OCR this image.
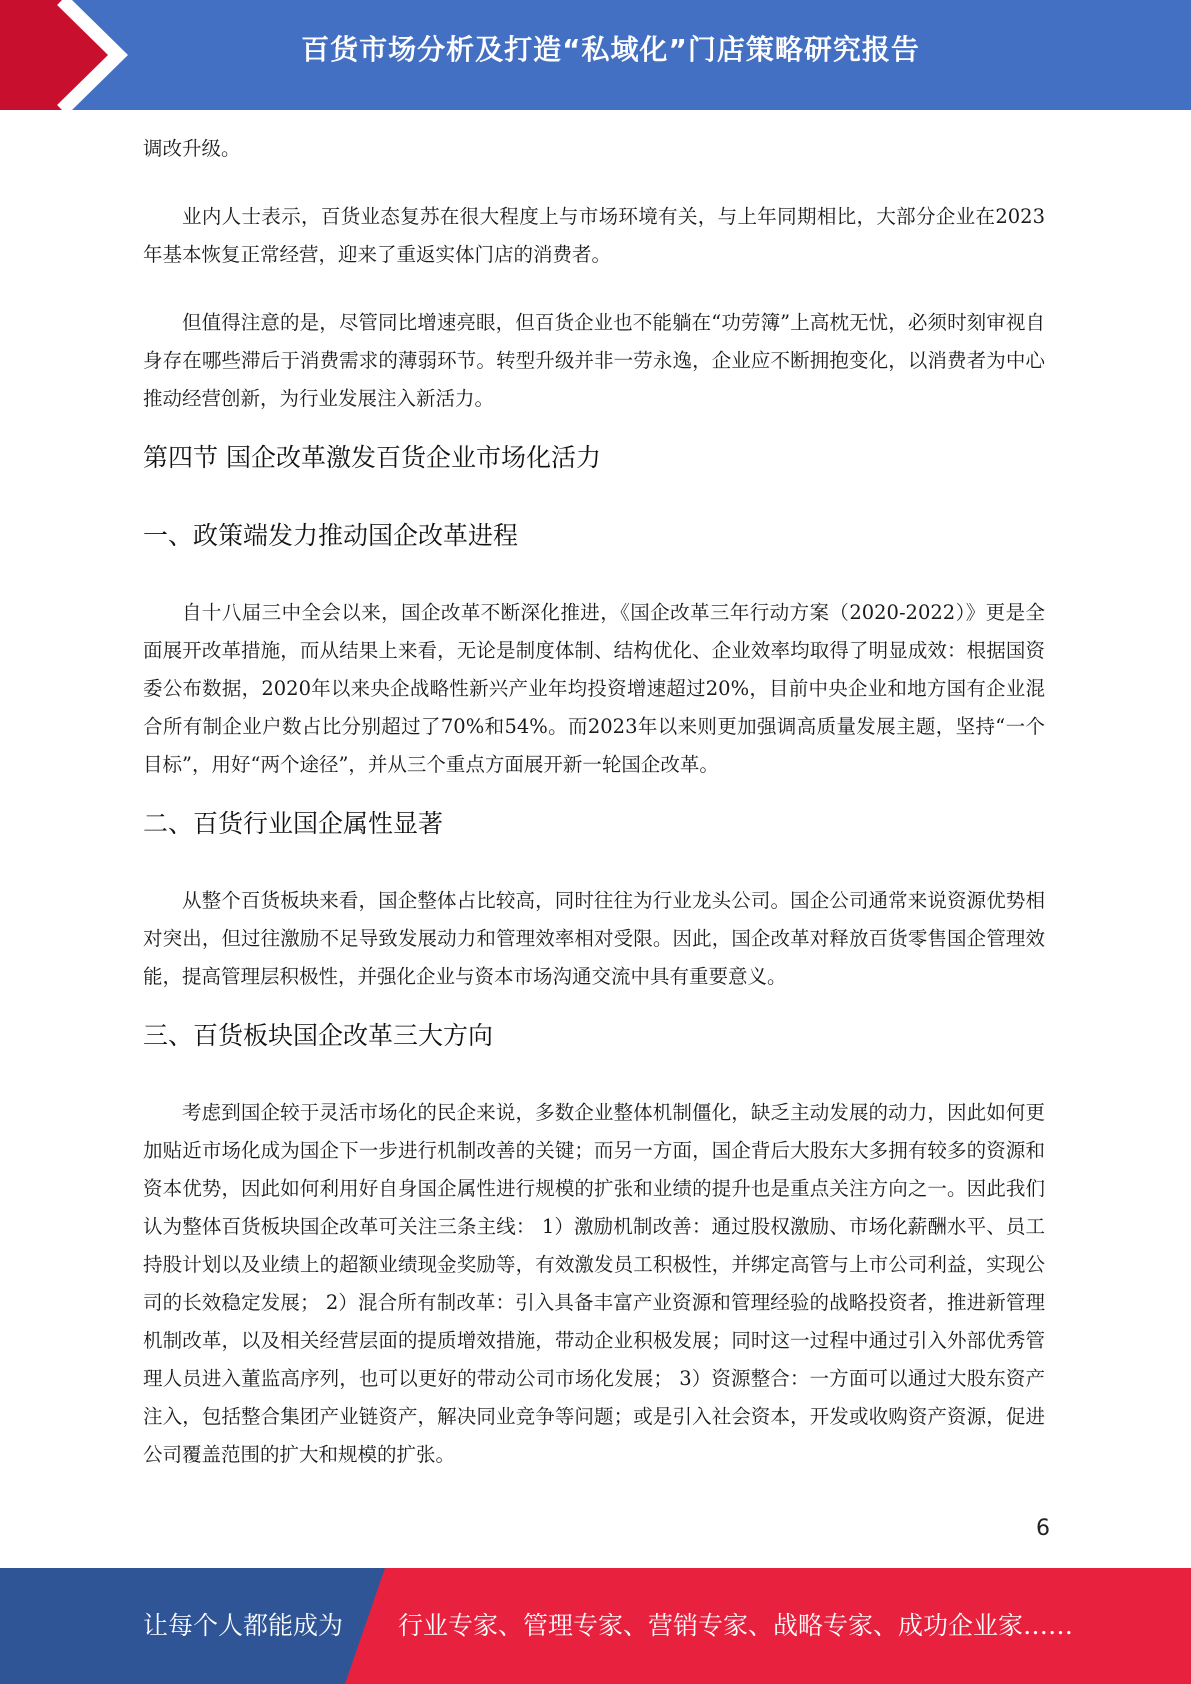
百货市场分析及打造“私域化”门店策略研究报告

调改升级。

业内人士表示，百货业态复苏在很大程度上与市场环境有关，与上年同期相比，大部分企业在2023年基本恢复正常经营，迎来了重返实体门店的消费者。

但值得注意的是，尽管同比增速亮眼，但百货企业也不能躺在“功劳簿”上高枕无忧，必须时刻审视自身存在哪些滞后于消费需求的薄弱环节。转型升级并非一劳永逸，企业应不断拥抱变化，以消费者为中心推动经营创新，为行业发展注入新活力。

第四节 国企改革激发百货企业市场化活力
一、政策端发力推动国企改革进程

自十八届三中全会以来，国企改革不断深化推进，《国企改革三年行动方案（2020-2022）》更是全面展开改革措施，而从结果上来看，无论是制度体制、结构优化、企业效率均取得了明显成效：根据国资委公布数据，2020年以来央企战略性新兴产业年均投资增速超过20%，目前中央企业和地方国有企业混合所有制企业户数占比分别超过了70%和54%。而2023年以来则更加强调高质量发展主题，坚持“一个目标”，用好“两个途径”，并从三个重点方面展开新一轮国企改革。

二、百货行业国企属性显著

从整个百货板块来看，国企整体占比较高，同时往往为行业龙头公司。国企公司通常来说资源优势相对突出，但过往激励不足导致发展动力和管理效率相对受限。因此，国企改革对释放百货零售国企管理效能，提高管理层积极性，并强化企业与资本市场沟通交流中具有重要意义。

三、百货板块国企改革三大方向

考虑到国企较于灵活市场化的民企来说，多数企业整体机制僵化，缺乏主动发展的动力，因此如何更加贴近市场化成为国企下一步进行机制改善的关键；而另一方面，国企背后大股东大多拥有较多的资源和资本优势，因此如何利用好自身国企属性进行规模的扩张和业绩的提升也是重点关注方向之一。因此我们认为整体百货板块国企改革可关注三条主线： 1）激励机制改善：通过股权激励、市场化薪酬水平、员工持股计划以及业绩上的超额业绩现金奖励等，有效激发员工积极性，并绑定高管与上市公司利益，实现公司的长效稳定发展； 2）混合所有制改革：引入具备丰富产业资源和管理经验的战略投资者，推进新管理机制改革，以及相关经营层面的提质增效措施，带动企业积极发展；同时这一过程中通过引入外部优秀管理人员进入董监高序列，也可以更好的带动公司市场化发展； 3）资源整合：一方面可以通过大股东资产注入，包括整合集团产业链资产，解决同业竞争等问题；或是引入社会资本，开发或收购资产资源，促进公司覆盖范围的扩大和规模的扩张。

6
让每个人都能成为 行业专家、管理专家、营销专家、战略专家、成功企业家……
